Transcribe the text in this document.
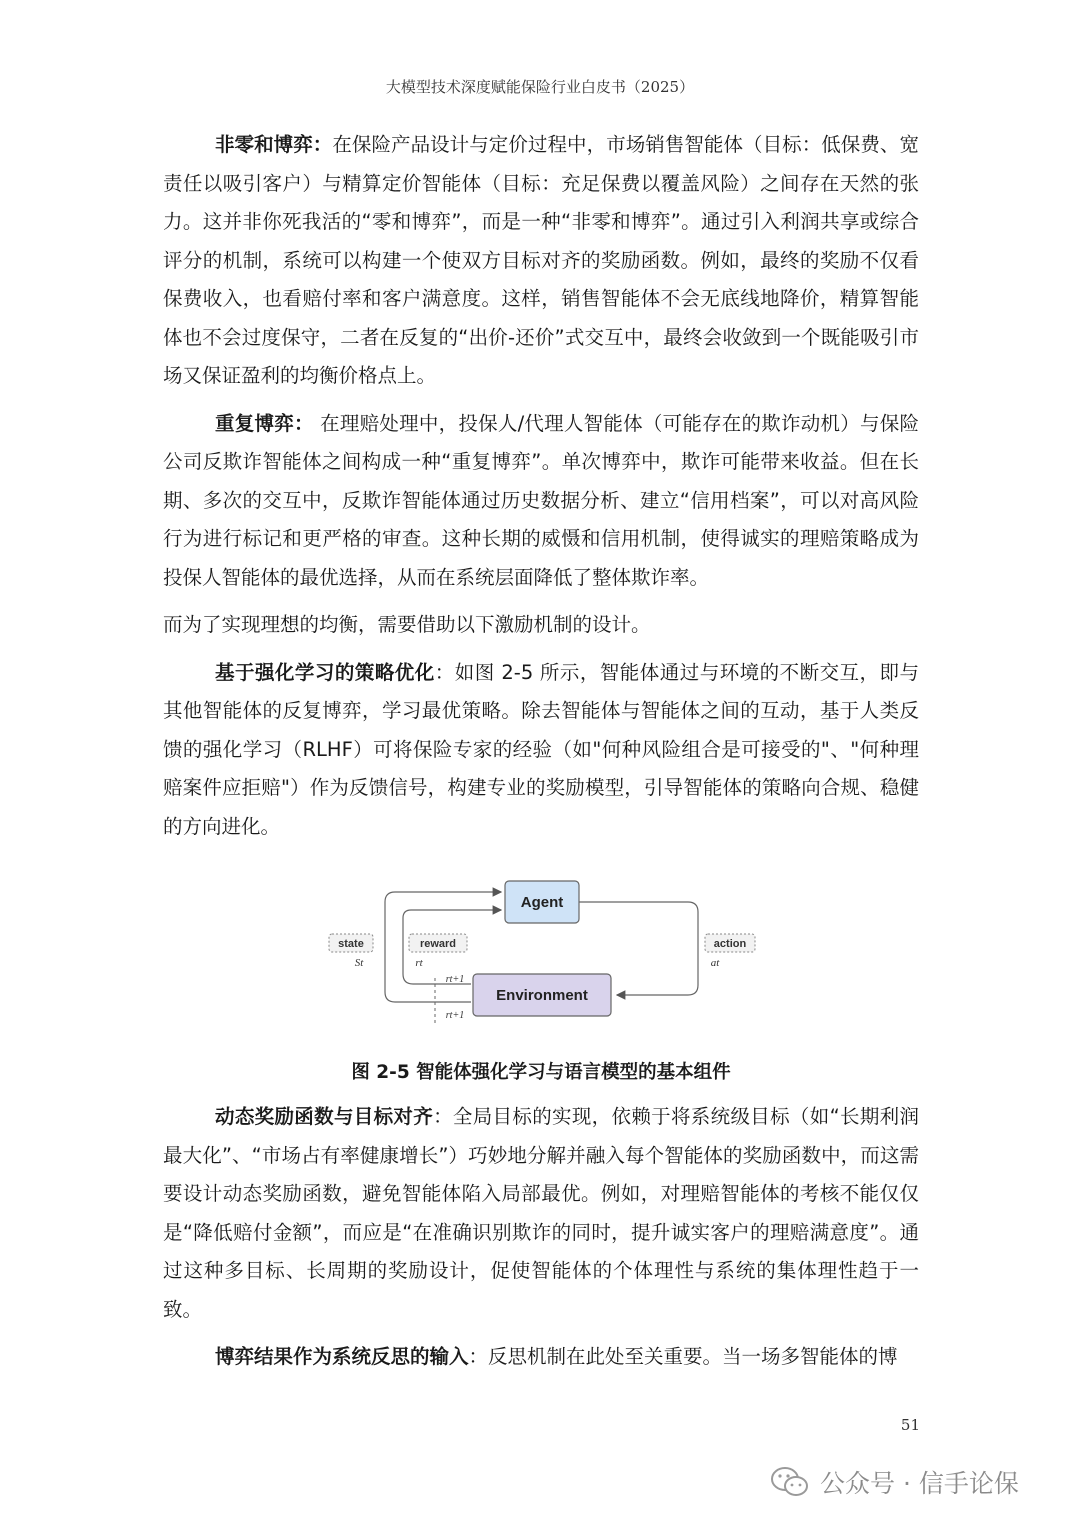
大模型技术深度赋能保险行业白皮书（2025）

非零和博弈：在保险产品设计与定价过程中，市场销售智能体（目标：低保费、宽责任以吸引客户）与精算定价智能体（目标：充足保费以覆盖风险）之间存在天然的张力。这并非你死我活的“零和博弈”，而是一种“非零和博弈”。通过引入利润共享或综合评分的机制，系统可以构建一个使双方目标对齐的奖励函数。例如，最终的奖励不仅看保费收入，也看赔付率和客户满意度。这样，销售智能体不会无底线地降价，精算智能体也不会过度保守，二者在反复的“出价-还价”式交互中，最终会收敛到一个既能吸引市场又保证盈利的均衡价格点上。

重复博弈： 在理赔处理中，投保人/代理人智能体（可能存在的欺诈动机）与保险公司反欺诈智能体之间构成一种“重复博弈”。单次博弈中，欺诈可能带来收益。但在长期、多次的交互中，反欺诈智能体通过历史数据分析、建立“信用档案”，可以对高风险行为进行标记和更严格的审查。这种长期的威慑和信用机制，使得诚实的理赔策略成为投保人智能体的最优选择，从而在系统层面降低了整体欺诈率。

而为了实现理想的均衡，需要借助以下激励机制的设计。

基于强化学习的策略优化：如图 2-5 所示，智能体通过与环境的不断交互，即与其他智能体的反复博弈，学习最优策略。除去智能体与智能体之间的互动，基于人类反馈的强化学习（RLHF）可将保险专家的经验（如"何种风险组合是可接受的"、"何种理赔案件应拒赔"）作为反馈信号，构建专业的奖励模型，引导智能体的策略向合规、稳健的方向进化。

Agent
Environment
state
St
reward
rt
action
at
rt+1
rt+1
图 2-5 智能体强化学习与语言模型的基本组件

动态奖励函数与目标对齐：全局目标的实现，依赖于将系统级目标（如“长期利润最大化”、“市场占有率健康增长”）巧妙地分解并融入每个智能体的奖励函数中，而这需要设计动态奖励函数，避免智能体陷入局部最优。例如，对理赔智能体的考核不能仅仅是“降低赔付金额”，而应是“在准确识别欺诈的同时，提升诚实客户的理赔满意度”。通过这种多目标、长周期的奖励设计，促使智能体的个体理性与系统的集体理性趋于一致。

博弈结果作为系统反思的输入：反思机制在此处至关重要。当一场多智能体的博

51
公众号 · 信手论保
